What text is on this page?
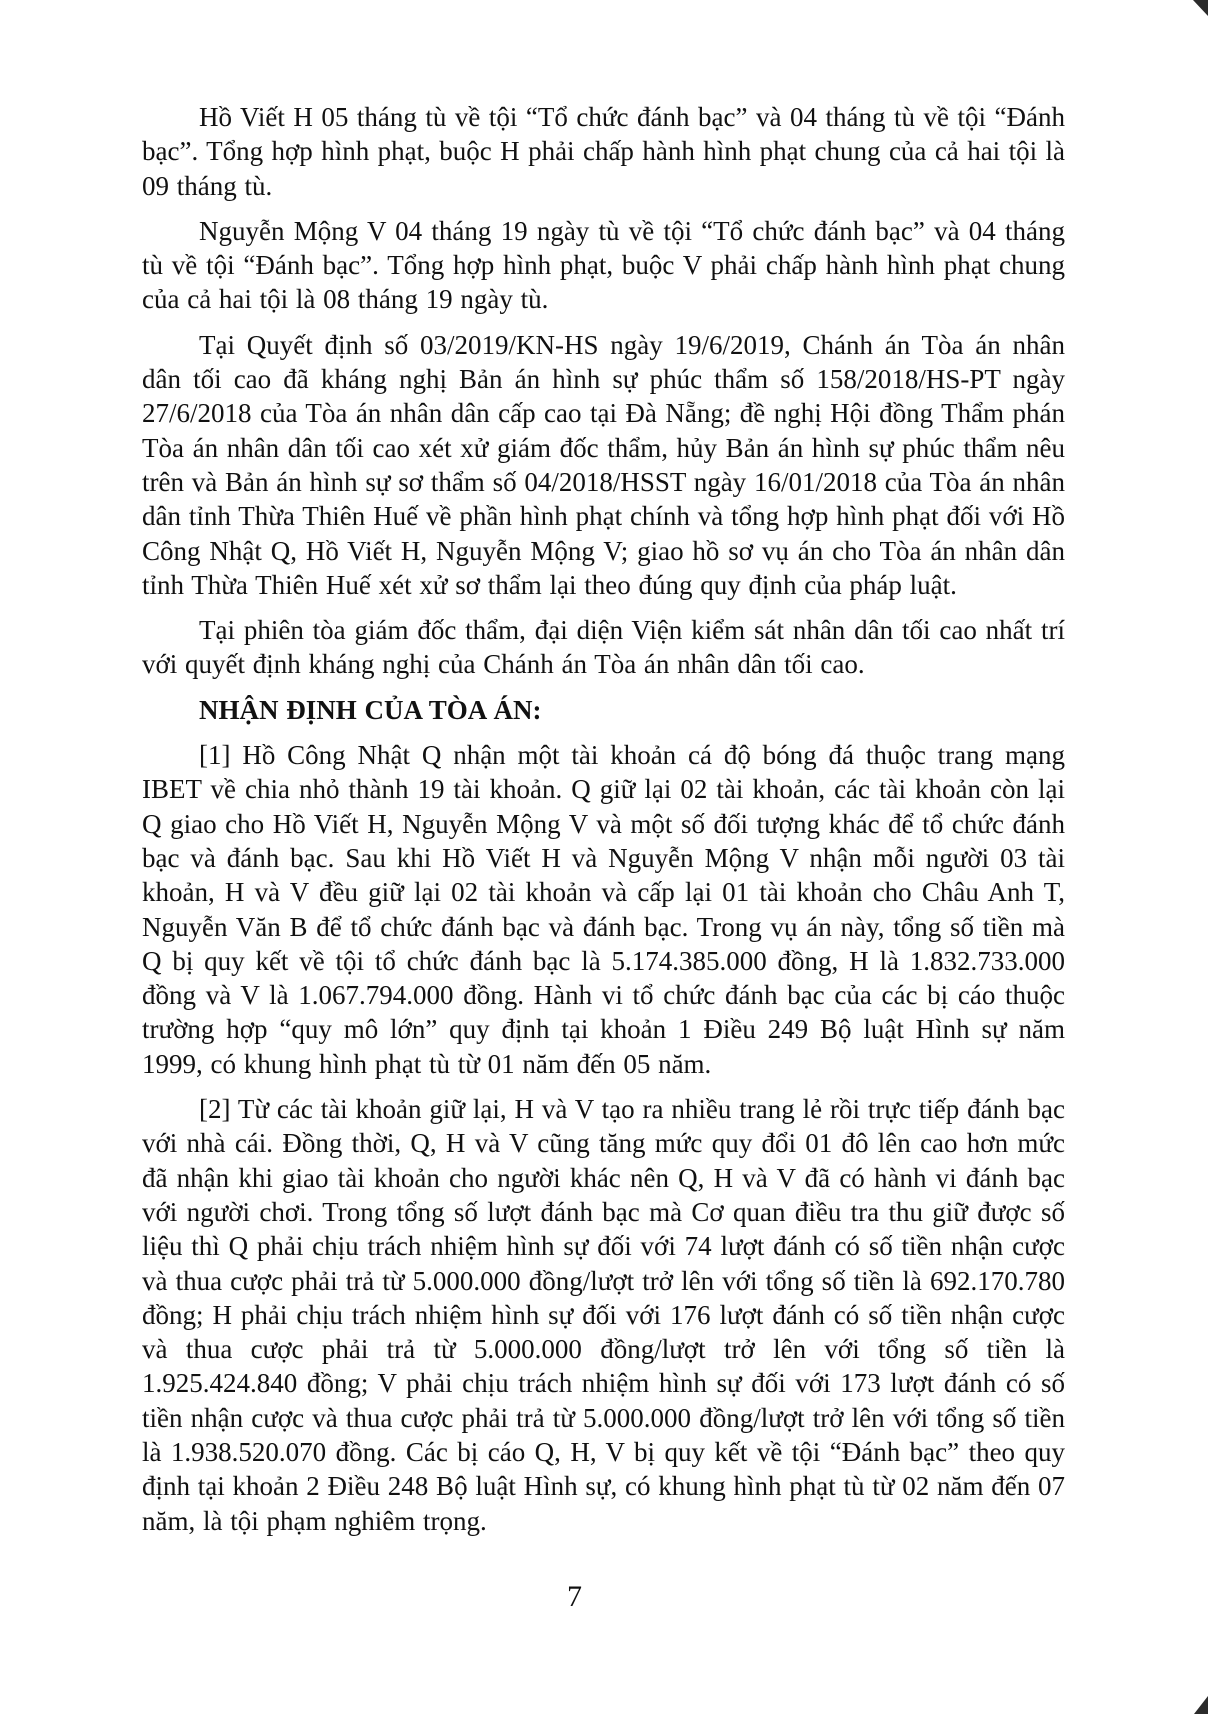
Hồ Viết H 05 tháng tù về tội “Tổ chức đánh bạc” và 04 tháng tù về tội “Đánh bạc”. Tổng hợp hình phạt, buộc H phải chấp hành hình phạt chung của cả hai tội là 09 tháng tù.

Nguyễn Mộng V 04 tháng 19 ngày tù về tội “Tổ chức đánh bạc” và 04 tháng tù về tội “Đánh bạc”. Tổng hợp hình phạt, buộc V phải chấp hành hình phạt chung của cả hai tội là 08 tháng 19 ngày tù.

Tại Quyết định số 03/2019/KN-HS ngày 19/6/2019, Chánh án Tòa án nhân dân tối cao đã kháng nghị Bản án hình sự phúc thẩm số 158/2018/HS-PT ngày 27/6/2018 của Tòa án nhân dân cấp cao tại Đà Nẵng; đề nghị Hội đồng Thẩm phán Tòa án nhân dân tối cao xét xử giám đốc thẩm, hủy Bản án hình sự phúc thẩm nêu trên và Bản án hình sự sơ thẩm số 04/2018/HSST ngày 16/01/2018 của Tòa án nhân dân tỉnh Thừa Thiên Huế về phần hình phạt chính và tổng hợp hình phạt đối với Hồ Công Nhật Q, Hồ Viết H, Nguyễn Mộng V; giao hồ sơ vụ án cho Tòa án nhân dân tỉnh Thừa Thiên Huế xét xử sơ thẩm lại theo đúng quy định của pháp luật.

Tại phiên tòa giám đốc thẩm, đại diện Viện kiểm sát nhân dân tối cao nhất trí với quyết định kháng nghị của Chánh án Tòa án nhân dân tối cao.

NHẬN ĐỊNH CỦA TÒA ÁN:

[1] Hồ Công Nhật Q nhận một tài khoản cá độ bóng đá thuộc trang mạng IBET về chia nhỏ thành 19 tài khoản. Q giữ lại 02 tài khoản, các tài khoản còn lại Q giao cho Hồ Viết H, Nguyễn Mộng V và một số đối tượng khác để tổ chức đánh bạc và đánh bạc. Sau khi Hồ Viết H và Nguyễn Mộng V nhận mỗi người 03 tài khoản, H và V đều giữ lại 02 tài khoản và cấp lại 01 tài khoản cho Châu Anh T, Nguyễn Văn B để tổ chức đánh bạc và đánh bạc. Trong vụ án này, tổng số tiền mà Q bị quy kết về tội tổ chức đánh bạc là 5.174.385.000 đồng, H là 1.832.733.000 đồng và V là 1.067.794.000 đồng. Hành vi tổ chức đánh bạc của các bị cáo thuộc trường hợp “quy mô lớn” quy định tại khoản 1 Điều 249 Bộ luật Hình sự năm 1999, có khung hình phạt tù từ 01 năm đến 05 năm.

[2] Từ các tài khoản giữ lại, H và V tạo ra nhiều trang lẻ rồi trực tiếp đánh bạc với nhà cái. Đồng thời, Q, H và V cũng tăng mức quy đổi 01 đô lên cao hơn mức đã nhận khi giao tài khoản cho người khác nên Q, H và V đã có hành vi đánh bạc với người chơi. Trong tổng số lượt đánh bạc mà Cơ quan điều tra thu giữ được số liệu thì Q phải chịu trách nhiệm hình sự đối với 74 lượt đánh có số tiền nhận cược và thua cược phải trả từ 5.000.000 đồng/lượt trở lên với tổng số tiền là 692.170.780 đồng; H phải chịu trách nhiệm hình sự đối với 176 lượt đánh có số tiền nhận cược và thua cược phải trả từ 5.000.000 đồng/lượt trở lên với tổng số tiền là 1.925.424.840 đồng; V phải chịu trách nhiệm hình sự đối với 173 lượt đánh có số tiền nhận cược và thua cược phải trả từ 5.000.000 đồng/lượt trở lên với tổng số tiền là 1.938.520.070 đồng. Các bị cáo Q, H, V bị quy kết về tội “Đánh bạc” theo quy định tại khoản 2 Điều 248 Bộ luật Hình sự, có khung hình phạt tù từ 02 năm đến 07 năm, là tội phạm nghiêm trọng.

7
